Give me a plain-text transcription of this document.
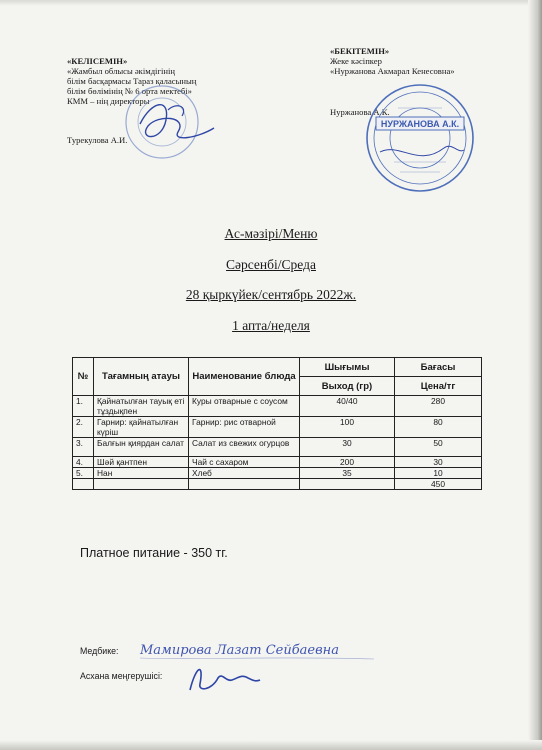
«КЕЛІСЕМІН»
«Жамбыл облысы әкімдігінің
білім басқармасы Тараз қаласының
білім бөлімінің № 6 орта мектебі»
КММ – нің директоры
Турекулова А.И.
«БЕКІТЕМІН»
Жеке кәсіпкер
«Нуржанова Акмарал Кенесовна»
Нуржанова А.К.
НУРЖАНОВА А.К.
Ас-мәзірі/Меню
Сәрсенбі/Среда
28 қыркүйек/сентябрь 2022ж.
1 апта/неделя
№	Тағамның атауы	Наименование блюда	Шығымы	Бағасы
			Выход (гр)	Цена/тг
1.	Қайнатылған тауық еті тұздықпен	Куры отварные с соусом	40/40	280
2.	Гарнир: қайнатылған күріш	Гарнир: рис отварной	100	80
3.	Балғын қиярдан салат	Салат из свежих огурцов	30	50
4.	Шәй қантпен	Чай с сахаром	200	30
5.	Нан	Хлеб	35	10
				450
Платное питание - 350 тг.
Медбике: Мамирова Лазат Сейбаевна
Асхана меңгерушісі:
